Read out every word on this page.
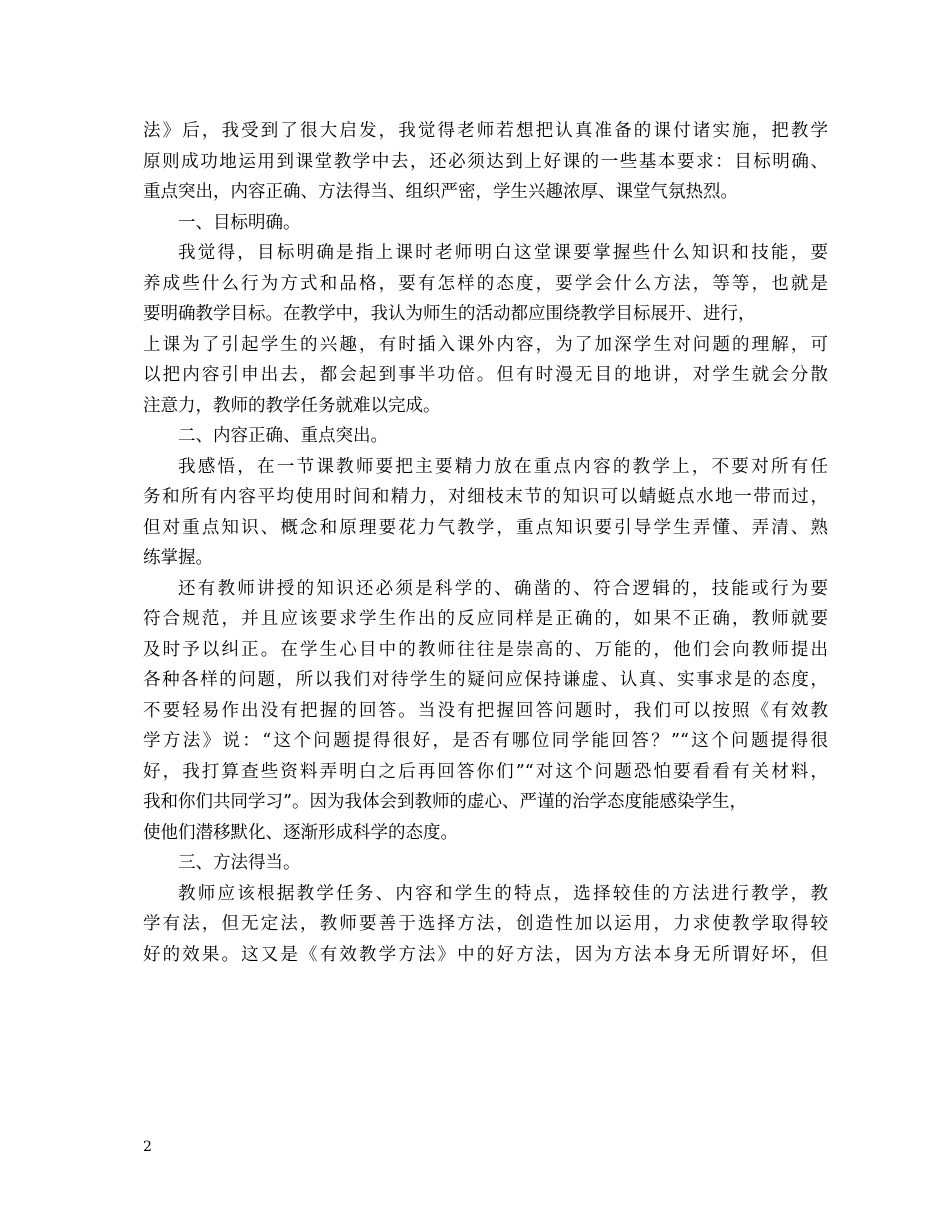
法》后，我受到了很大启发，我觉得老师若想把认真准备的课付诸实施，把教学
原则成功地运用到课堂教学中去，还必须达到上好课的一些基本要求：目标明确、
重点突出，内容正确、方法得当、组织严密，学生兴趣浓厚、课堂气氛热烈。
一、目标明确。
我觉得，目标明确是指上课时老师明白这堂课要掌握些什么知识和技能，要
养成些什么行为方式和品格，要有怎样的态度，要学会什么方法，等等，也就是
要明确教学目标。在教学中，我认为师生的活动都应围绕教学目标展开、进行，
上课为了引起学生的兴趣，有时插入课外内容，为了加深学生对问题的理解，可
以把内容引申出去，都会起到事半功倍。但有时漫无目的地讲，对学生就会分散
注意力，教师的教学任务就难以完成。
二、内容正确、重点突出。
我感悟，在一节课教师要把主要精力放在重点内容的教学上，不要对所有任
务和所有内容平均使用时间和精力，对细枝末节的知识可以蜻蜓点水地一带而过，
但对重点知识、概念和原理要花力气教学，重点知识要引导学生弄懂、弄清、熟
练掌握。
还有教师讲授的知识还必须是科学的、确凿的、符合逻辑的，技能或行为要
符合规范，并且应该要求学生作出的反应同样是正确的，如果不正确，教师就要
及时予以纠正。在学生心目中的教师往往是崇高的、万能的，他们会向教师提出
各种各样的问题，所以我们对待学生的疑问应保持谦虚、认真、实事求是的态度，
不要轻易作出没有把握的回答。当没有把握回答问题时，我们可以按照《有效教
学方法》说：“这个问题提得很好，是否有哪位同学能回答？”“这个问题提得很
好，我打算查些资料弄明白之后再回答你们”“对这个问题恐怕要看看有关材料，
我和你们共同学习”。因为我体会到教师的虚心、严谨的治学态度能感染学生，
使他们潜移默化、逐渐形成科学的态度。
三、方法得当。
教师应该根据教学任务、内容和学生的特点，选择较佳的方法进行教学，教
学有法，但无定法，教师要善于选择方法，创造性加以运用，力求使教学取得较
好的效果。这又是《有效教学方法》中的好方法，因为方法本身无所谓好坏，但
2
